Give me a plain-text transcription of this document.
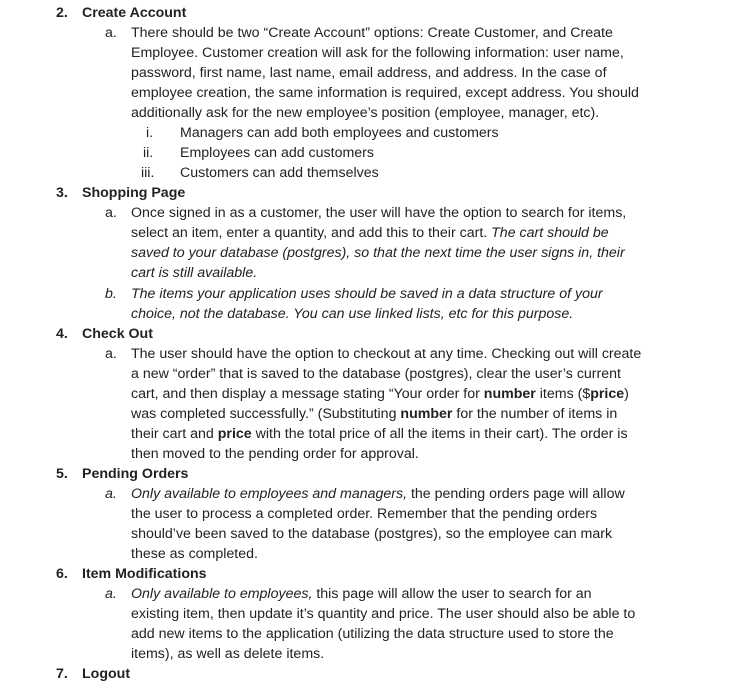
2. Create Account
a. There should be two “Create Account” options: Create Customer, and Create
Employee. Customer creation will ask for the following information: user name,
password, first name, last name, email address, and address. In the case of
employee creation, the same information is required, except address. You should
additionally ask for the new employee’s position (employee, manager, etc).
i. Managers can add both employees and customers
ii. Employees can add customers
iii. Customers can add themselves
3. Shopping Page
a. Once signed in as a customer, the user will have the option to search for items,
select an item, enter a quantity, and add this to their cart. The cart should be
saved to your database (postgres), so that the next time the user signs in, their
cart is still available.
b. The items your application uses should be saved in a data structure of your
choice, not the database. You can use linked lists, etc for this purpose.
4. Check Out
a. The user should have the option to checkout at any time. Checking out will create
a new “order” that is saved to the database (postgres), clear the user’s current
cart, and then display a message stating “Your order for number items ($price)
was completed successfully.” (Substituting number for the number of items in
their cart and price with the total price of all the items in their cart). The order is
then moved to the pending order for approval.
5. Pending Orders
a. Only available to employees and managers, the pending orders page will allow
the user to process a completed order. Remember that the pending orders
should’ve been saved to the database (postgres), so the employee can mark
these as completed.
6. Item Modifications
a. Only available to employees, this page will allow the user to search for an
existing item, then update it’s quantity and price. The user should also be able to
add new items to the application (utilizing the data structure used to store the
items), as well as delete items.
7. Logout
